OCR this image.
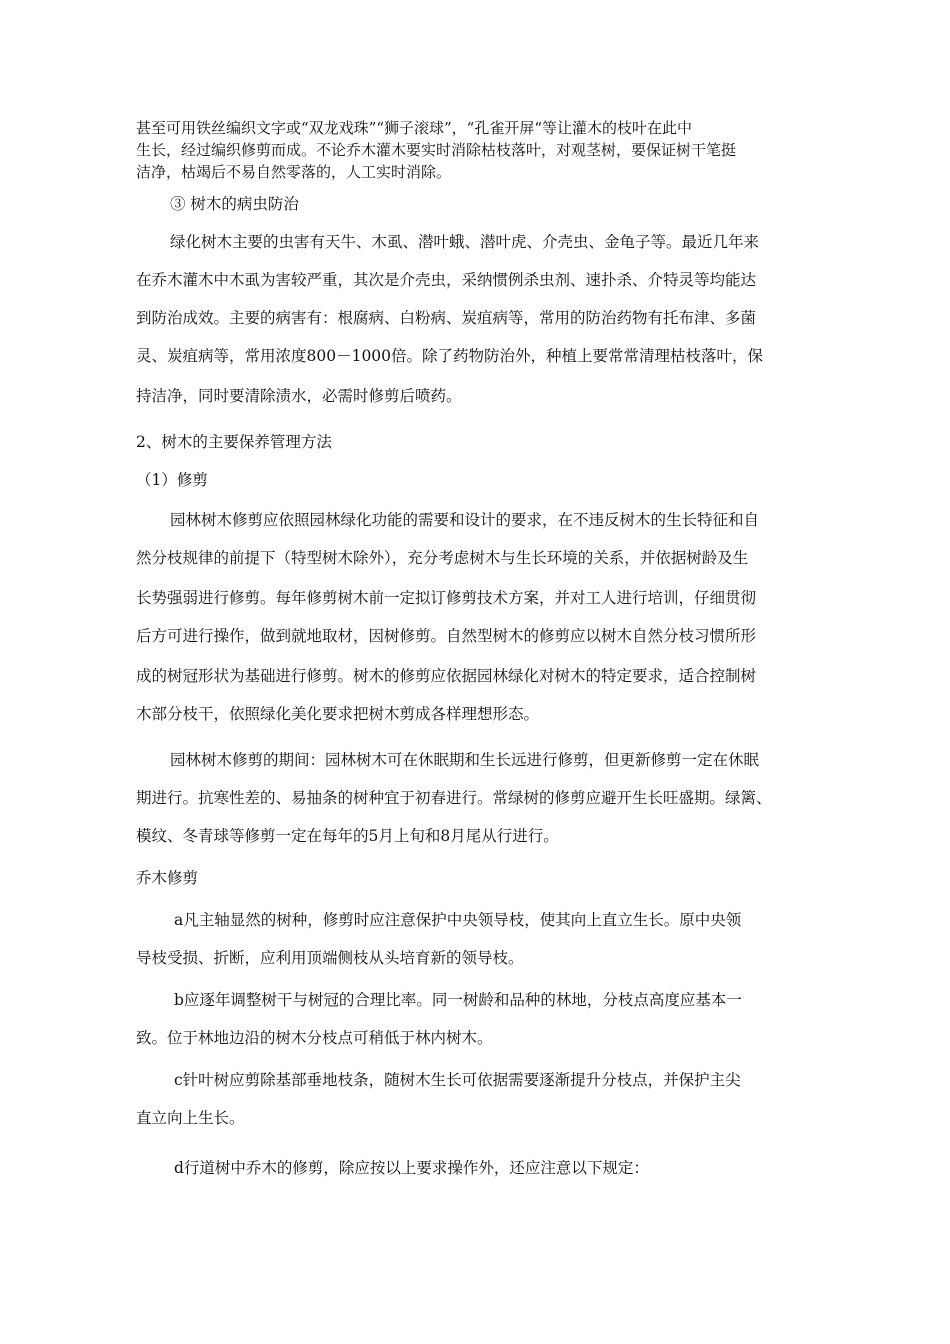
甚至可用铁丝编织文字或“双龙戏珠”“狮子滚球”，“孔雀开屏“等让灌木的枝叶在此中
生长，经过编织修剪而成。不论乔木灌木要实时消除枯枝落叶，对观茎树，要保证树干笔挺
洁净，枯竭后不易自然零落的，人工实时消除。
③ 树木的病虫防治
绿化树木主要的虫害有天牛、木虱、潜叶蛾、潜叶虎、介壳虫、金龟子等。最近几年来
在乔木灌木中木虱为害较严重，其次是介壳虫，采纳惯例杀虫剂、速扑杀、介特灵等均能达
到防治成效。主要的病害有：根腐病、白粉病、炭疽病等，常用的防治药物有托布津、多菌
灵、炭疽病等，常用浓度800－1000倍。除了药物防治外，种植上要常常清理枯枝落叶，保
持洁净，同时要清除渍水，必需时修剪后喷药。
2、树木的主要保养管理方法
（1）修剪
园林树木修剪应依照园林绿化功能的需要和设计的要求，在不违反树木的生长特征和自
然分枝规律的前提下（特型树木除外），充分考虑树木与生长环境的关系，并依据树龄及生
长势强弱进行修剪。每年修剪树木前一定拟订修剪技术方案，并对工人进行培训，仔细贯彻
后方可进行操作，做到就地取材，因树修剪。自然型树木的修剪应以树木自然分枝习惯所形
成的树冠形状为基础进行修剪。树木的修剪应依据园林绿化对树木的特定要求，适合控制树
木部分枝干，依照绿化美化要求把树木剪成各样理想形态。
园林树木修剪的期间：园林树木可在休眠期和生长远进行修剪，但更新修剪一定在休眠
期进行。抗寒性差的、易抽条的树种宜于初春进行。常绿树的修剪应避开生长旺盛期。绿篱、
模纹、冬青球等修剪一定在每年的5月上旬和8月尾从行进行。
乔木修剪
a凡主轴显然的树种，修剪时应注意保护中央领导枝，使其向上直立生长。原中央领
导枝受损、折断，应利用顶端侧枝从头培育新的领导枝。
b应逐年调整树干与树冠的合理比率。同一树龄和品种的林地，分枝点高度应基本一
致。位于林地边沿的树木分枝点可稍低于林内树木。
c针叶树应剪除基部垂地枝条，随树木生长可依据需要逐渐提升分枝点，并保护主尖
直立向上生长。
d行道树中乔木的修剪，除应按以上要求操作外，还应注意以下规定：
